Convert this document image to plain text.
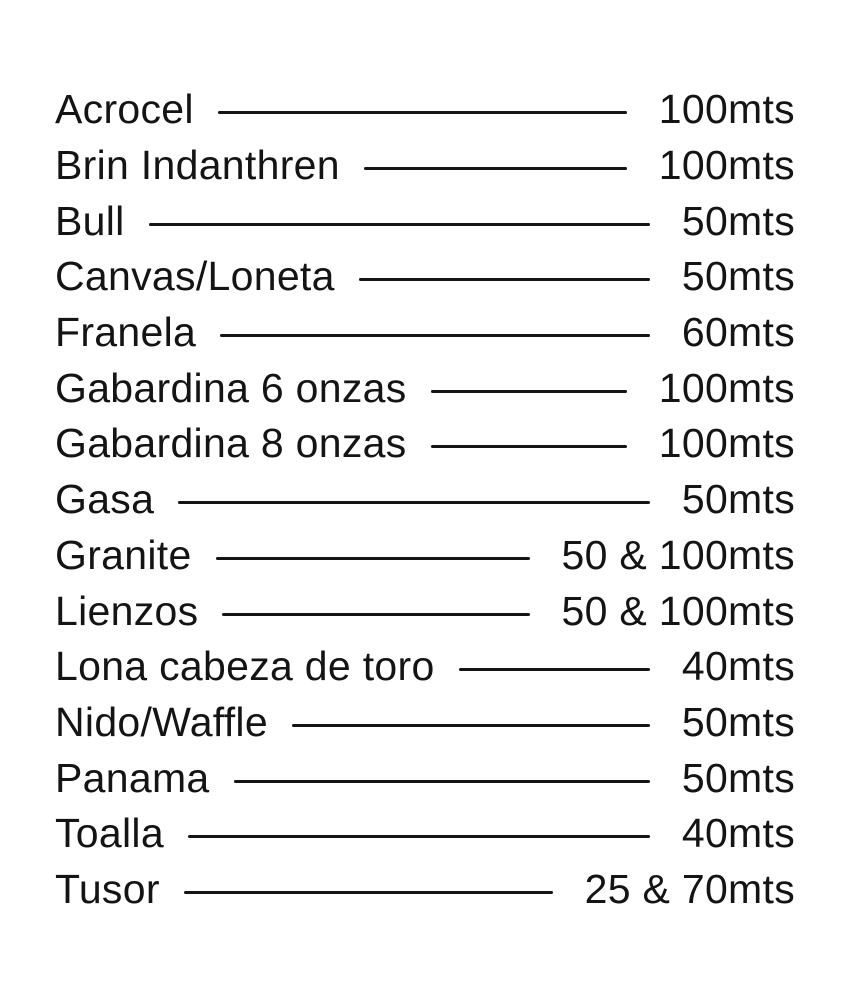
Acrocel	100mts
Brin Indanthren	100mts
Bull	50mts
Canvas/Loneta	50mts
Franela	60mts
Gabardina 6 onzas	100mts
Gabardina 8 onzas	100mts
Gasa	50mts
Granite	50 & 100mts
Lienzos	50 & 100mts
Lona cabeza de toro	40mts
Nido/Waffle	50mts
Panama	50mts
Toalla	40mts
Tusor	25 & 70mts
